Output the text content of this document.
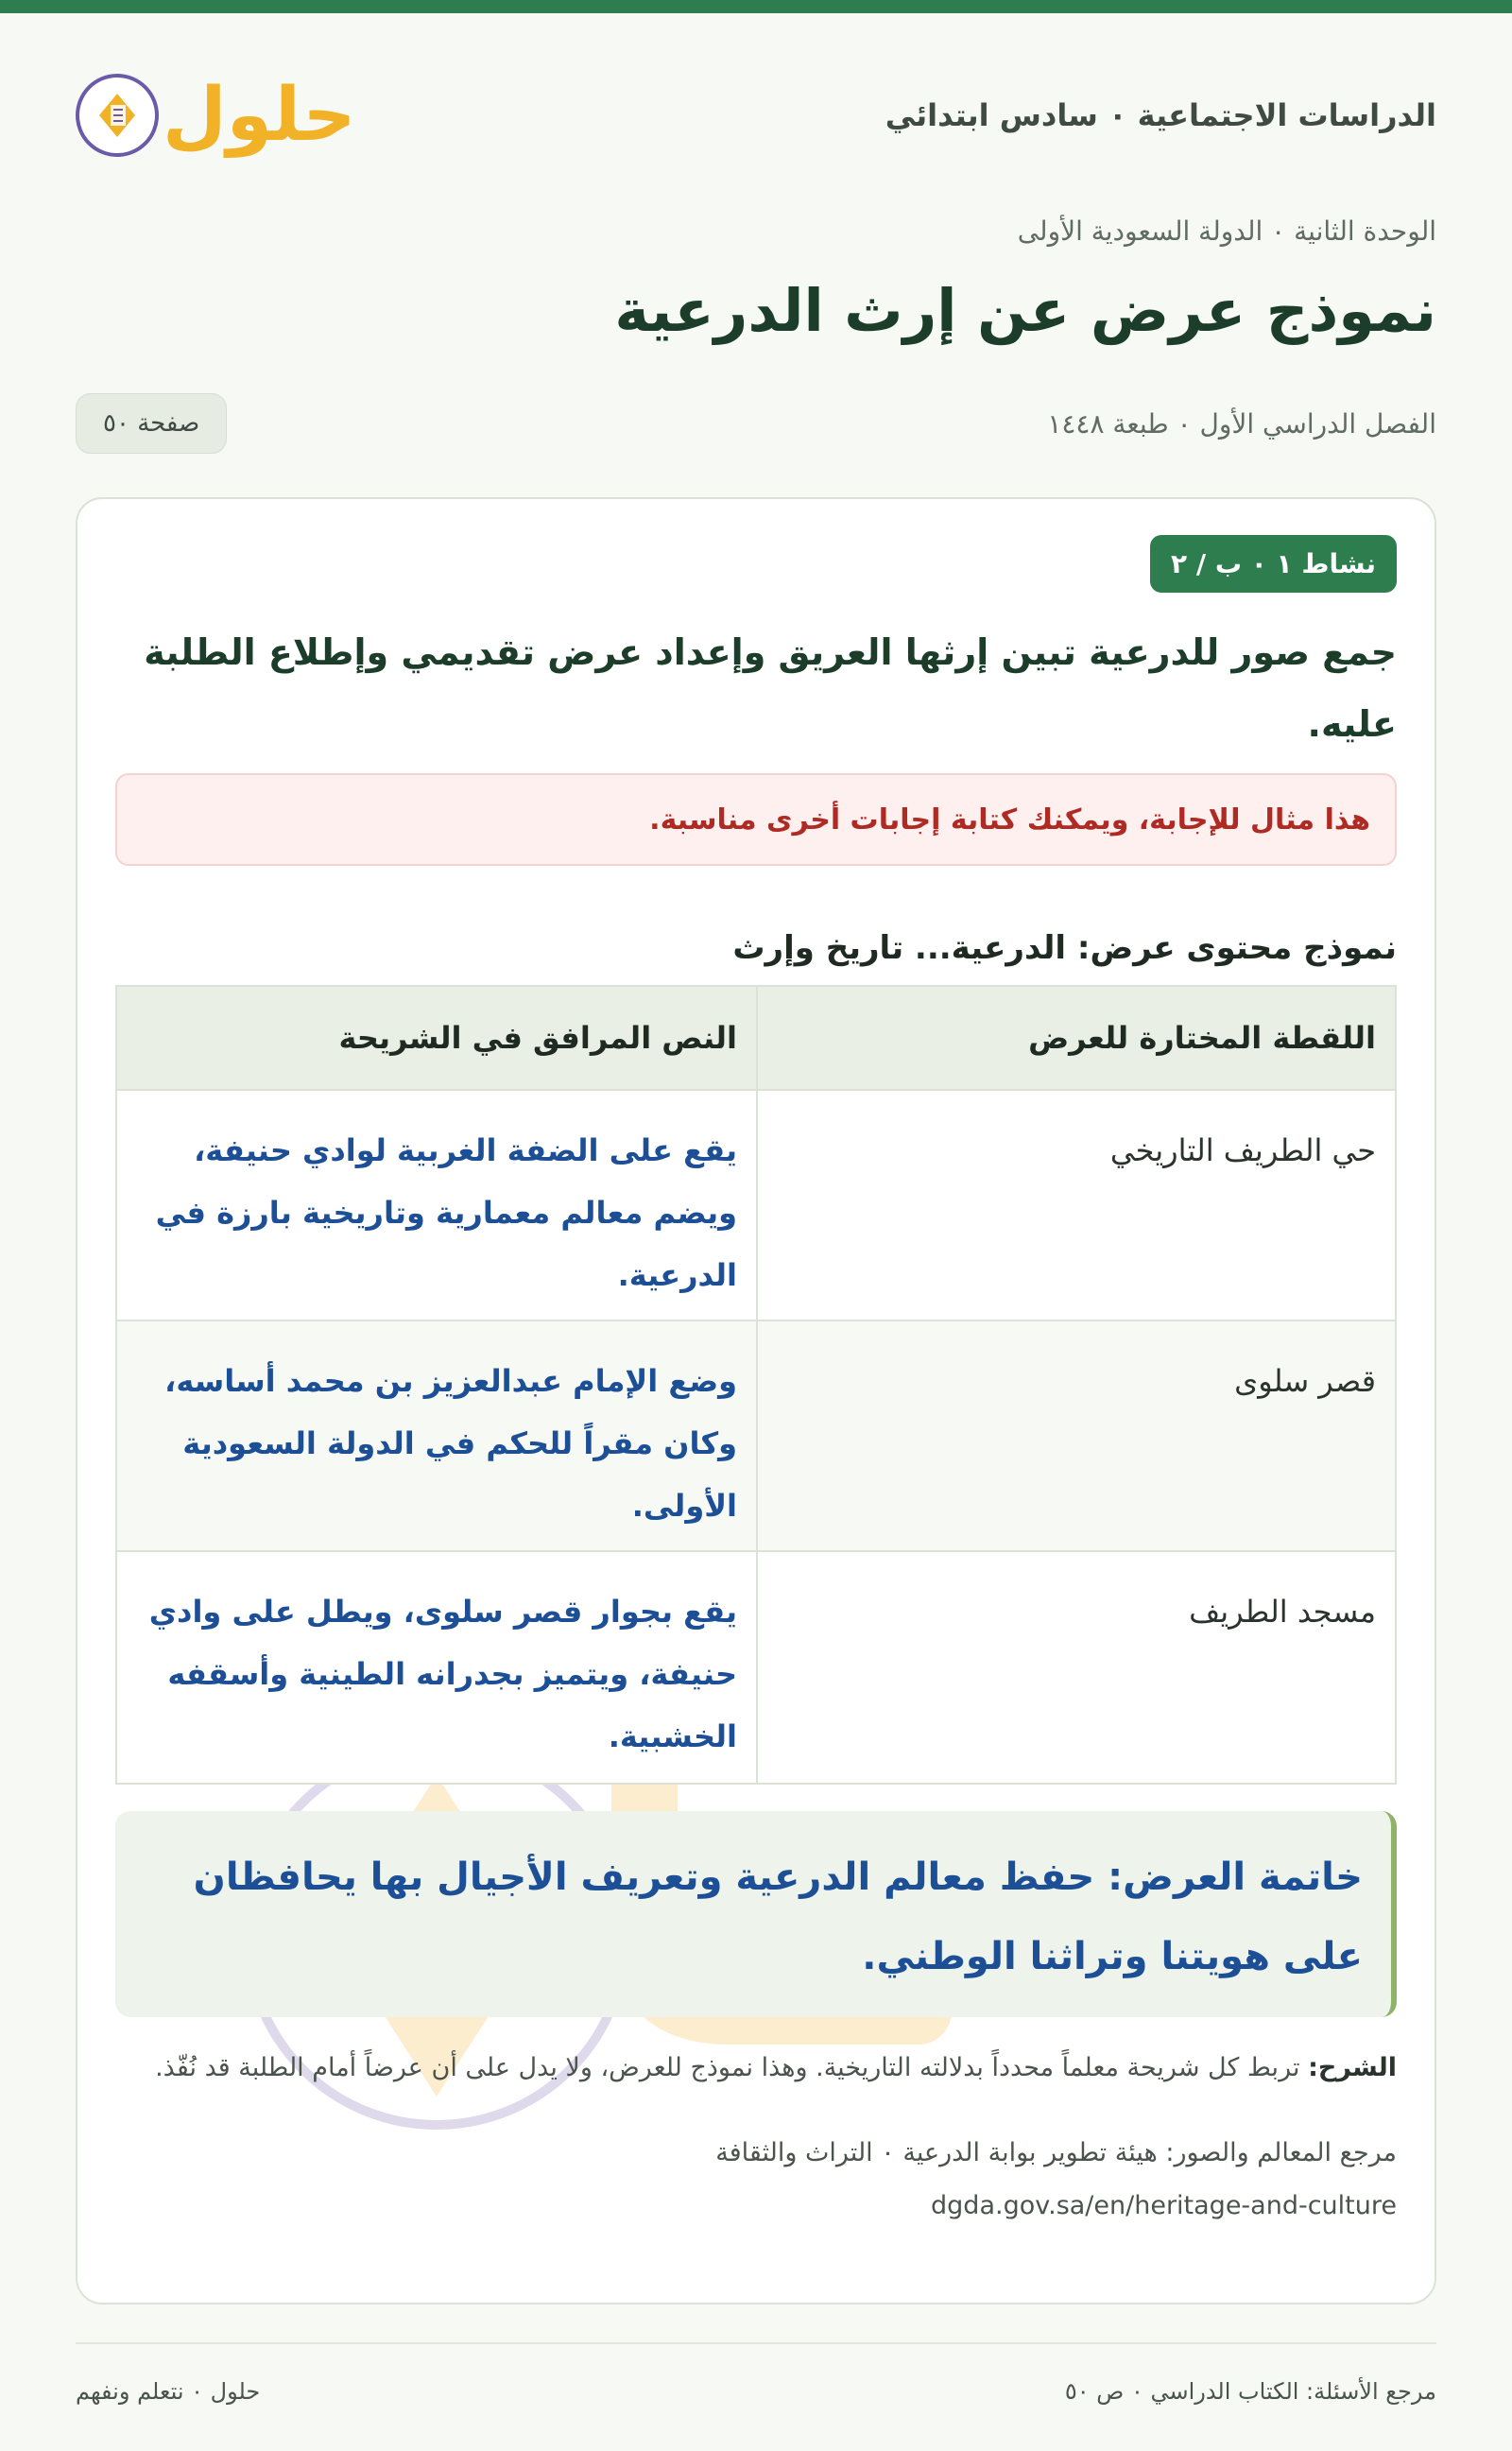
الدراسات الاجتماعية ٠ سادس ابتدائي
حلول
الوحدة الثانية ٠ الدولة السعودية الأولى
نموذج عرض عن إرث الدرعية
الفصل الدراسي الأول ٠ طبعة ١٤٤٨
صفحة ٥٠
نشاط ١ ٠ ب / ٢

جمع صور للدرعية تبين إرثها العريق وإعداد عرض تقديمي وإطلاع الطلبة عليه.

هذا مثال للإجابة، ويمكنك كتابة إجابات أخرى مناسبة.
نموذج محتوى عرض: الدرعية... تاريخ وإرث
اللقطة المختارة للعرض
النص المرافق في الشريحة
حي الطريف التاريخي
يقع على الضفة الغربية لوادي حنيفة، ويضم معالم معمارية وتاريخية بارزة في الدرعية.
قصر سلوى
وضع الإمام عبدالعزيز بن محمد أساسه، وكان مقراً للحكم في الدولة السعودية الأولى.
مسجد الطريف
يقع بجوار قصر سلوى، ويطل على وادي حنيفة، ويتميز بجدرانه الطينية وأسقفه الخشبية.
خاتمة العرض: حفظ معالم الدرعية وتعريف الأجيال بها يحافظان على هويتنا وتراثنا الوطني.

الشرح: تربط كل شريحة معلماً محدداً بدلالته التاريخية. وهذا نموذج للعرض، ولا يدل على أن عرضاً أمام الطلبة قد نُفّذ.

مرجع المعالم والصور: هيئة تطوير بوابة الدرعية ٠ التراث والثقافة
dgda.gov.sa/en/heritage-and-culture
مرجع الأسئلة: الكتاب الدراسي ٠ ص ٥٠
حلول ٠ نتعلم ونفهم
